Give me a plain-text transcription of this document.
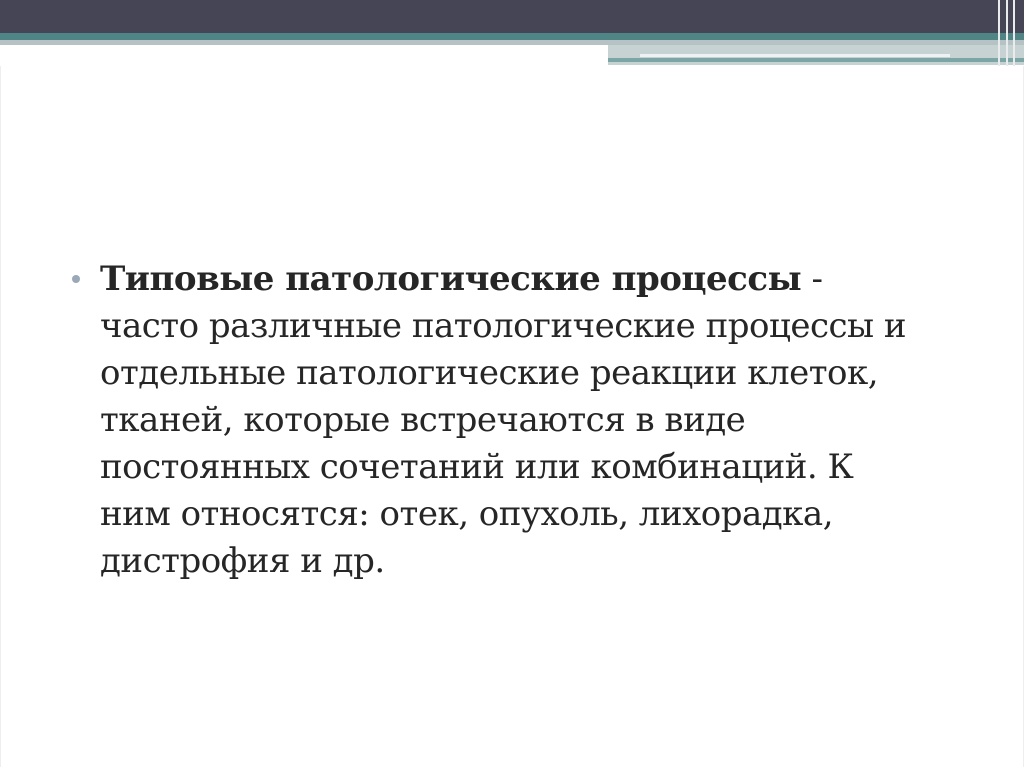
Типовые патологические процессы -
часто различные патологические процессы и
отдельные патологические реакции клеток,
тканей, которые встречаются в виде
постоянных сочетаний или комбинаций. К
ним относятся: отек, опухоль, лихорадка,
дистрофия и др.
